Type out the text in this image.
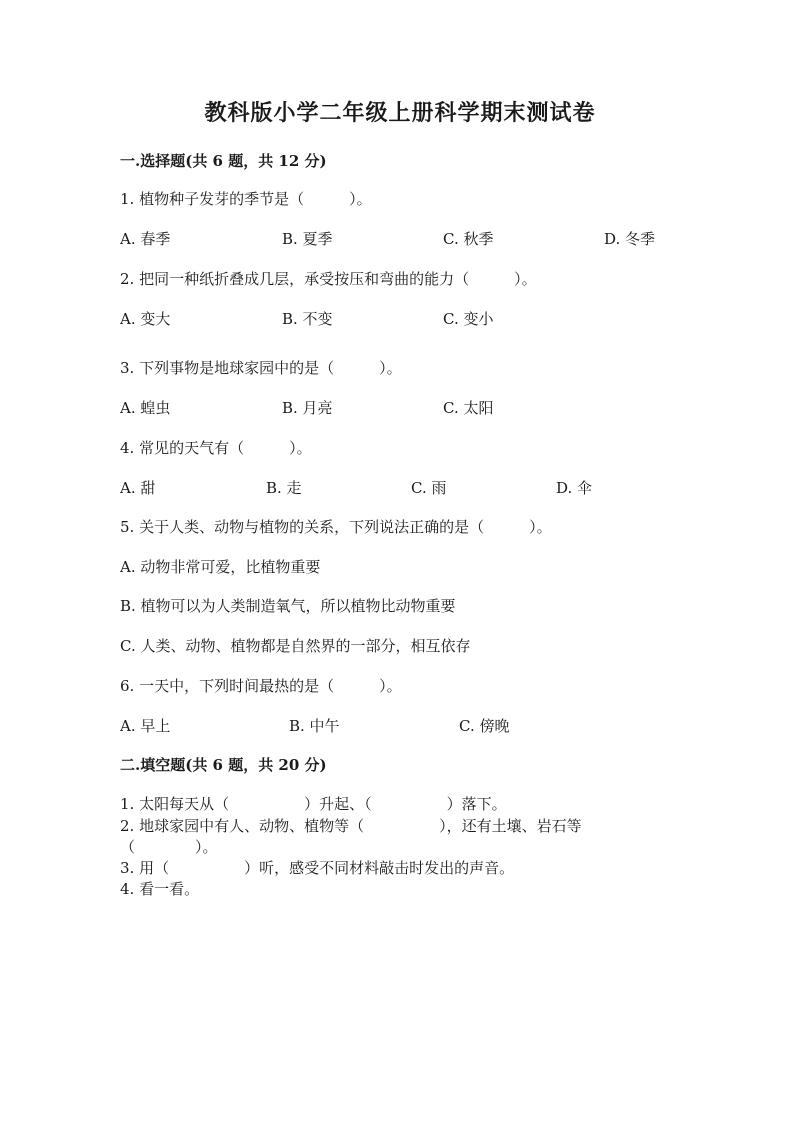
教科版小学二年级上册科学期末测试卷
一.选择题(共 6 题，共 12 分)
1. 植物种子发芽的季节是（　　　）。
A. 春季	B. 夏季	C. 秋季	D. 冬季
2. 把同一种纸折叠成几层，承受按压和弯曲的能力（　　　）。
A. 变大	B. 不变	C. 变小
3. 下列事物是地球家园中的是（　　　）。
A. 蝗虫	B. 月亮	C. 太阳
4. 常见的天气有（　　　）。
A. 甜	B. 走	C. 雨	D. 伞
5. 关于人类、动物与植物的关系，下列说法正确的是（　　　）。
A. 动物非常可爱，比植物重要
B. 植物可以为人类制造氧气，所以植物比动物重要
C. 人类、动物、植物都是自然界的一部分，相互依存
6. 一天中，下列时间最热的是（　　　）。
A. 早上	B. 中午	C. 傍晚
二.填空题(共 6 题，共 20 分)
1. 太阳每天从（　　　　　）升起、（　　　　　）落下。
2. 地球家园中有人、动物、植物等（　　　　　），还有土壤、岩石等
（　　　　）。
3. 用（　　　　　）听，感受不同材料敲击时发出的声音。
4. 看一看。
